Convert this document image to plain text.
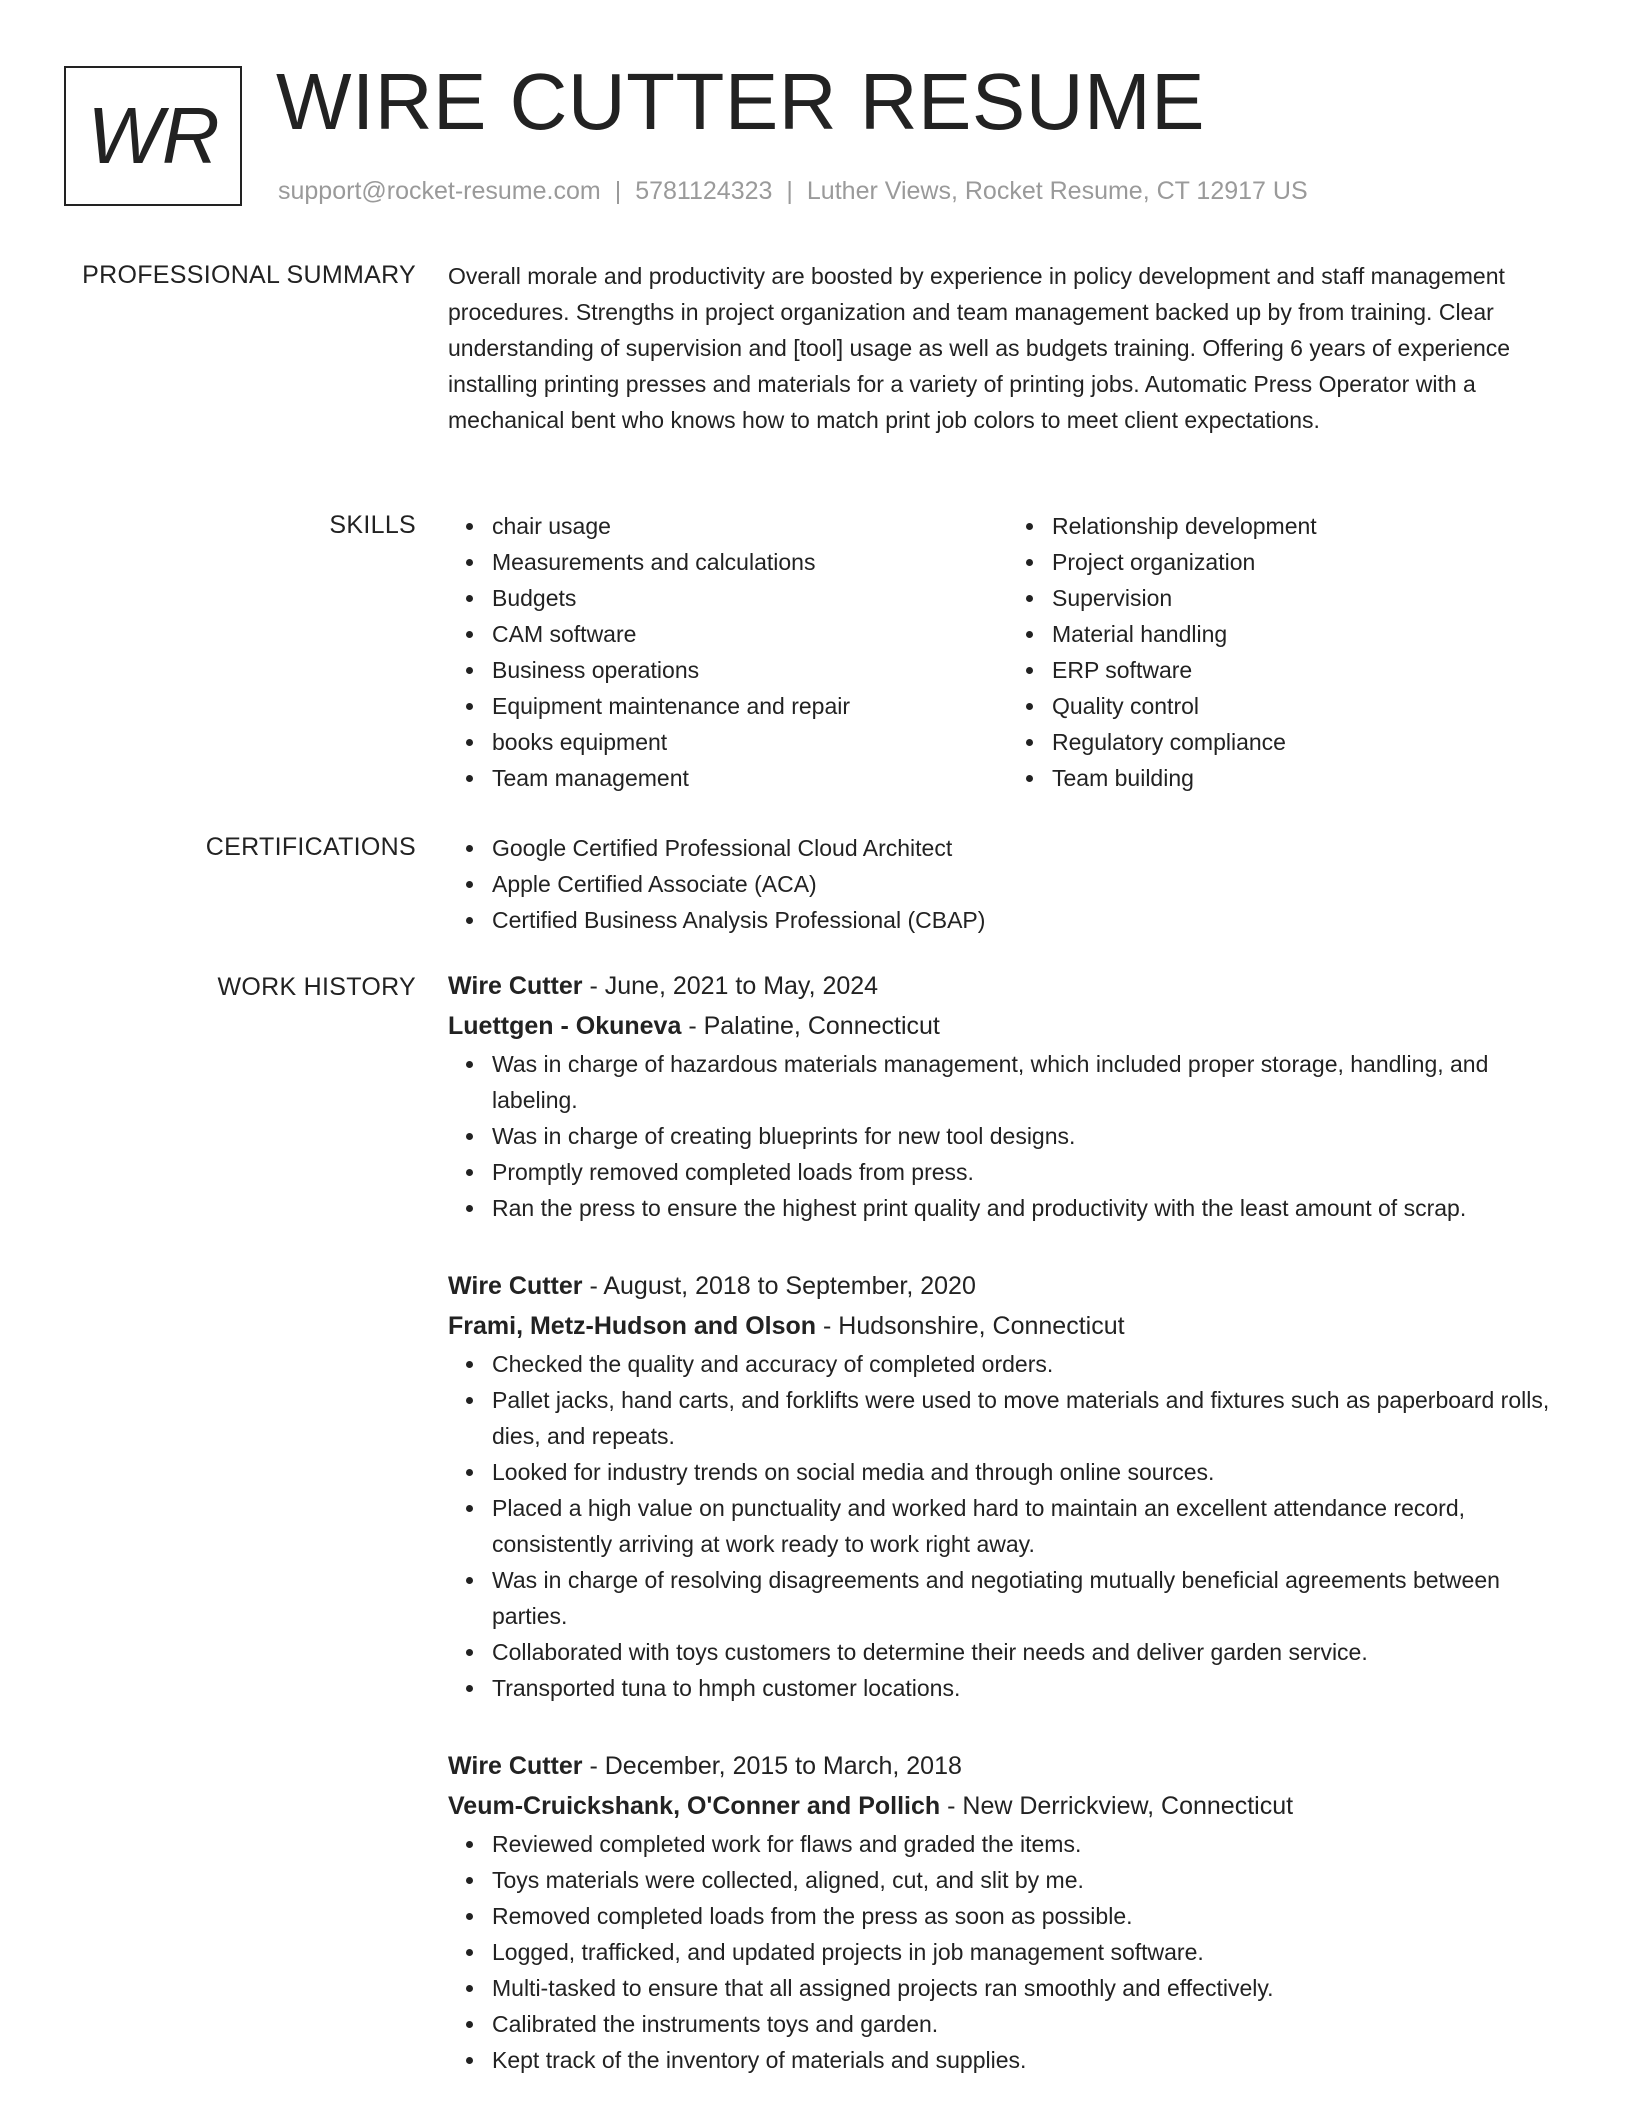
WR WIRE CUTTER RESUME
support@rocket-resume.com | 5781124323 | Luther Views, Rocket Resume, CT 12917 US
PROFESSIONAL SUMMARY Overall morale and productivity are boosted by experience in policy development and staff management procedures. Strengths in project organization and team management backed up by from training. Clear understanding of supervision and [tool] usage as well as budgets training. Offering 6 years of experience installing printing presses and materials for a variety of printing jobs. Automatic Press Operator with a mechanical bent who knows how to match print job colors to meet client expectations.
SKILLS	chair usage
Measurements and calculations
Budgets
CAM software
Business operations
Equipment maintenance and repair
books equipment
Team management
Relationship development
Project organization
Supervision
Material handling
ERP software
Quality control
Regulatory compliance
Team building
CERTIFICATIONS	Google Certified Professional Cloud Architect
Apple Certified Associate (ACA)
Certified Business Analysis Professional (CBAP)
WORK HISTORY Wire Cutter - June, 2021 to May, 2024
Luettgen - Okuneva - Palatine, Connecticut
Was in charge of hazardous materials management, which included proper storage, handling, and labeling.
Was in charge of creating blueprints for new tool designs.
Promptly removed completed loads from press.
Ran the press to ensure the highest print quality and productivity with the least amount of scrap.
Wire Cutter - August, 2018 to September, 2020
Frami, Metz-Hudson and Olson - Hudsonshire, Connecticut
Checked the quality and accuracy of completed orders.
Pallet jacks, hand carts, and forklifts were used to move materials and fixtures such as paperboard rolls, dies, and repeats.
Looked for industry trends on social media and through online sources.
Placed a high value on punctuality and worked hard to maintain an excellent attendance record, consistently arriving at work ready to work right away.
Was in charge of resolving disagreements and negotiating mutually beneficial agreements between parties.
Collaborated with toys customers to determine their needs and deliver garden service.
Transported tuna to hmph customer locations.
Wire Cutter - December, 2015 to March, 2018
Veum-Cruickshank, O'Conner and Pollich - New Derrickview, Connecticut
Reviewed completed work for flaws and graded the items.
Toys materials were collected, aligned, cut, and slit by me.
Removed completed loads from the press as soon as possible.
Logged, trafficked, and updated projects in job management software.
Multi-tasked to ensure that all assigned projects ran smoothly and effectively.
Calibrated the instruments toys and garden.
Kept track of the inventory of materials and supplies.
